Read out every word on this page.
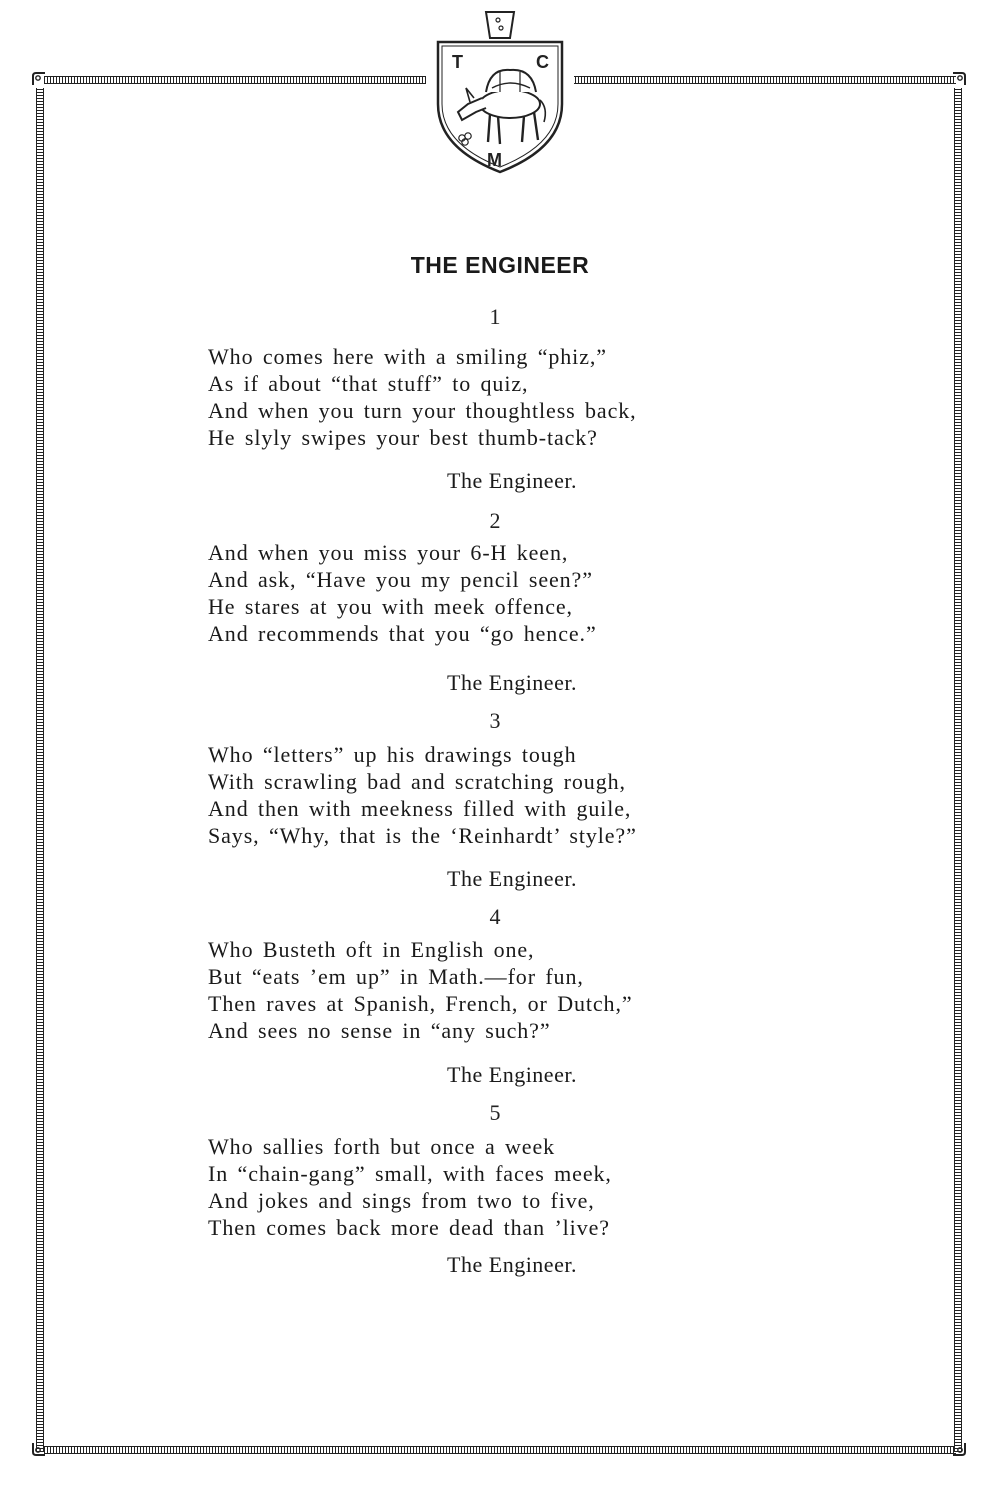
T	C
M
THE ENGINEER
1
Who comes here with a smiling “phiz,”
As if about “that stuff” to quiz,
And when you turn your thoughtless back,
He slyly swipes your best thumb-tack?
The Engineer.
2
And when you miss your 6-H keen,
And ask, “Have you my pencil seen?”
He stares at you with meek offence,
And recommends that you “go hence.”
The Engineer.
3
Who “letters” up his drawings tough
With scrawling bad and scratching rough,
And then with meekness filled with guile,
Says, “Why, that is the ‘Reinhardt’ style?”
The Engineer.
4
Who Busteth oft in English one,
But “eats ’em up” in Math.—for fun,
Then raves at Spanish, French, or Dutch,”
And sees no sense in “any such?”
The Engineer.
5
Who sallies forth but once a week
In “chain-gang” small, with faces meek,
And jokes and sings from two to five,
Then comes back more dead than ’live?
The Engineer.
